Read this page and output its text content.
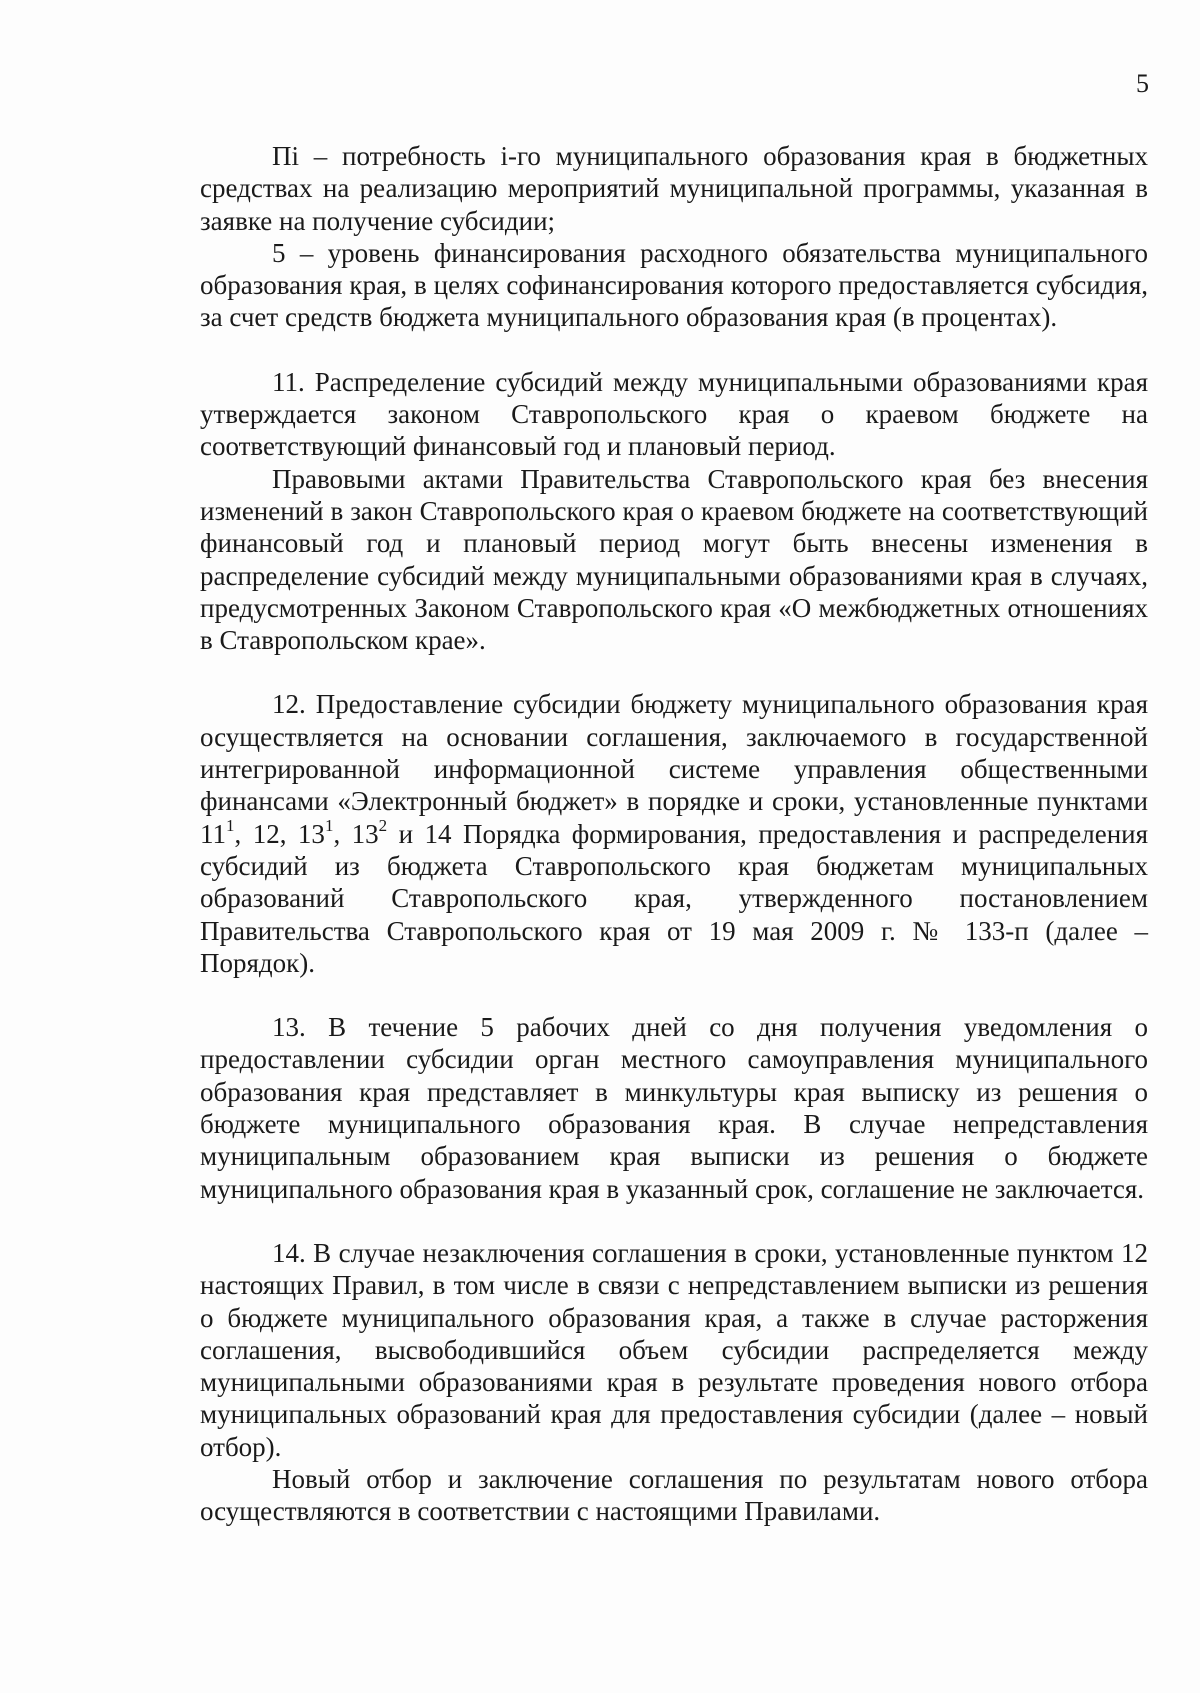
5

Пi – потребность i-го муниципального образования края в бюджетных средствах на реализацию мероприятий муниципальной программы, указанная в заявке на получение субсидии;

5 – уровень финансирования расходного обязательства муниципального образования края, в целях софинансирования которого предоставляется субсидия, за счет средств бюджета муниципального образования края (в процентах).

11. Распределение субсидий между муниципальными образованиями края утверждается законом Ставропольского края о краевом бюджете на соответствующий финансовый год и плановый период.

Правовыми актами Правительства Ставропольского края без внесения изменений в закон Ставропольского края о краевом бюджете на соответствующий финансовый год и плановый период могут быть внесены изменения в распределение субсидий между муниципальными образованиями края в случаях, предусмотренных Законом Ставропольского края «О межбюджетных отношениях в Ставропольском крае».

12. Предоставление субсидии бюджету муниципального образования края осуществляется на основании соглашения, заключаемого в государственной интегрированной информационной системе управления общественными финансами «Электронный бюджет» в порядке и сроки, установленные пунктами $11^1$, 12, $13^1$, $13^2$ и 14 Порядка формирования, предоставления и распределения субсидий из бюджета Ставропольского края бюджетам муниципальных образований Ставропольского края, утвержденного постановлением Правительства Ставропольского края от 19 мая 2009 г. № 133-п (далее – Порядок).

13. В течение 5 рабочих дней со дня получения уведомления о предоставлении субсидии орган местного самоуправления муниципального образования края представляет в минкультуры края выписку из решения о бюджете муниципального образования края. В случае непредставления муниципальным образованием края выписки из решения о бюджете муниципального образования края в указанный срок, соглашение не заключается.

14. В случае незаключения соглашения в сроки, установленные пунктом 12 настоящих Правил, в том числе в связи с непредставлением выписки из решения о бюджете муниципального образования края, а также в случае расторжения соглашения, высвободившийся объем субсидии распределяется между муниципальными образованиями края в результате проведения нового отбора муниципальных образований края для предоставления субсидии (далее – новый отбор).

Новый отбор и заключение соглашения по результатам нового отбора осуществляются в соответствии с настоящими Правилами.
